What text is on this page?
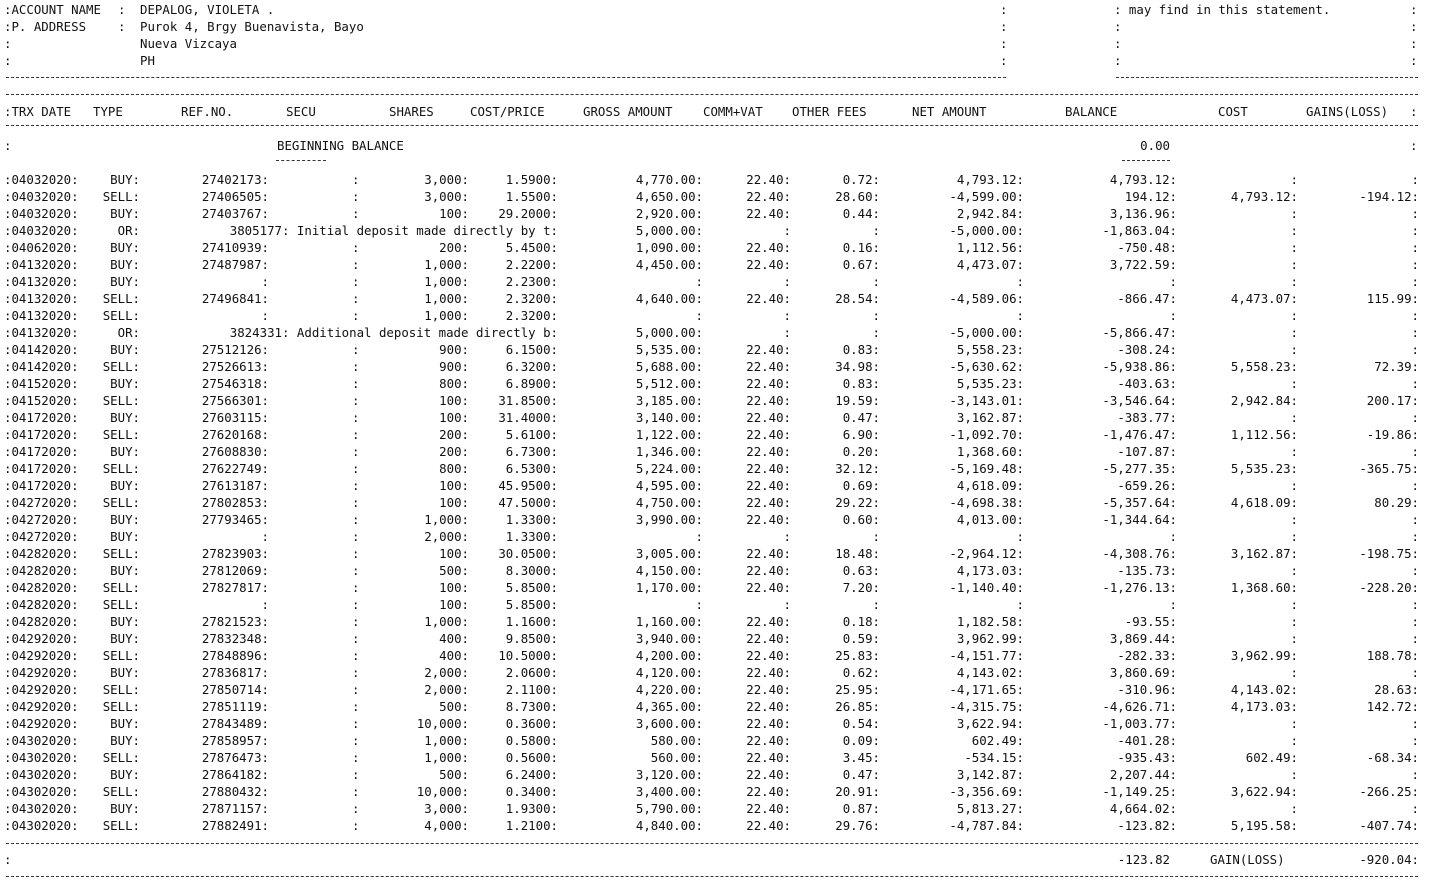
:ACCOUNT NAME : DEPALOG, VIOLETA .
:P. ADDRESS	: Purok 4, Brgy Buenavista, Bayo
:	Nueva Vizcaya
:	PH
:
:
:
:
: may find in this statement.
:
:
:
:
:
:
:
:TRX DATE TYPE	REF.NO.	SECU	SHARES	COST/PRICE	GROSS AMOUNT COMM+VAT OTHER FEES	NET AMOUNT	BALANCE	COST	GAINS(LOSS) :
:	BEGINNING BALANCE	0.00	:
:04032020:	BUY:	27402173:	3,000:	1.5900:	4,770.00:	22.40:	0.72:	4,793.12:	4,793.12:	:	:
:
:04032020: SELL:	27406505:	3,000:	1.5500:	4,650.00:	22.40:	28.60:	-4,599.00:	194.12:	4,793.12:	-194.12:
:
:04032020:	BUY:	27403767:	100: 29.2000:	2,920.00:	22.40:	0.44:	2,942.84:	3,136.96:	:	:
:
:04032020:	OR:	3805177: Initial deposit made directly by t:	5,000.00:	:	:	-5,000.00:	-1,863.04:	:	:
:04062020:	BUY:	27410939:	200:	5.4500:	1,090.00:	22.40:	0.16:	1,112.56:	-750.48:	:	:
:
:04132020:	BUY:	27487987:	1,000:	2.2200:	4,450.00:	22.40:	0.67:	4,473.07:	3,722.59:	:	:
:
:04132020:	BUY:	:	1,000:	2.2300:	:	:	:	:	:	:	:
:
:04132020: SELL:	27496841:	1,000:	2.3200:	4,640.00:	22.40:	28.54:	-4,589.06:	-866.47:	4,473.07:	115.99:
:
:04132020: SELL:	:	1,000:	2.3200:	:	:	:	:	:	:	:
:
:04132020:	OR:	3824331: Additional deposit made directly b:	5,000.00:	:	:	-5,000.00:	-5,866.47:	:	:
:04142020:	BUY:	27512126:	900:	6.1500:	5,535.00:	22.40:	0.83:	5,558.23:	-308.24:	:	:
:
:04142020: SELL:	27526613:	900:	6.3200:	5,688.00:	22.40:	34.98:	-5,630.62:	-5,938.86:	5,558.23:	72.39:
:
:04152020:	BUY:	27546318:	800:	6.8900:	5,512.00:	22.40:	0.83:	5,535.23:	-403.63:	:	:
:
:04152020: SELL:	27566301:	100: 31.8500:	3,185.00:	22.40:	19.59:	-3,143.01:	-3,546.64:	2,942.84:	200.17:
:
:04172020:	BUY:	27603115:	100: 31.4000:	3,140.00:	22.40:	0.47:	3,162.87:	-383.77:	:	:
:
:04172020: SELL:	27620168:	200:	5.6100:	1,122.00:	22.40:	6.90:	-1,092.70:	-1,476.47:	1,112.56:	-19.86:
:
:04172020:	BUY:	27608830:	200:	6.7300:	1,346.00:	22.40:	0.20:	1,368.60:	-107.87:	:	:
:
:04172020: SELL:	27622749:	800:	6.5300:	5,224.00:	22.40:	32.12:	-5,169.48:	-5,277.35:	5,535.23:	-365.75:
:
:04172020:	BUY:	27613187:	100: 45.9500:	4,595.00:	22.40:	0.69:	4,618.09:	-659.26:	:	:
:
:04272020: SELL:	27802853:	100: 47.5000:	4,750.00:	22.40:	29.22:	-4,698.38:	-5,357.64:	4,618.09:	80.29:
:
:04272020:	BUY:	27793465:	1,000:	1.3300:	3,990.00:	22.40:	0.60:	4,013.00:	-1,344.64:	:	:
:
:04272020:	BUY:	:	2,000:	1.3300:	:	:	:	:	:	:	:
:
:04282020: SELL:	27823903:	100: 30.0500:	3,005.00:	22.40:	18.48:	-2,964.12:	-4,308.76:	3,162.87:	-198.75:
:
:04282020:	BUY:	27812069:	500:	8.3000:	4,150.00:	22.40:	0.63:	4,173.03:	-135.73:	:	:
:
:04282020: SELL:	27827817:	100:	5.8500:	1,170.00:	22.40:	7.20:	-1,140.40:	-1,276.13:	1,368.60:	-228.20:
:
:04282020: SELL:	:	100:	5.8500:	:	:	:	:	:	:	:
:
:04282020:	BUY:	27821523:	1,000:	1.1600:	1,160.00:	22.40:	0.18:	1,182.58:	-93.55:	:	:
:
:04292020:	BUY:	27832348:	400:	9.8500:	3,940.00:	22.40:	0.59:	3,962.99:	3,869.44:	:	:
:
:04292020: SELL:	27848896:	400: 10.5000:	4,200.00:	22.40:	25.83:	-4,151.77:	-282.33:	3,962.99:	188.78:
:
:04292020:	BUY:	27836817:	2,000:	2.0600:	4,120.00:	22.40:	0.62:	4,143.02:	3,860.69:	:	:
:
:04292020: SELL:	27850714:	2,000:	2.1100:	4,220.00:	22.40:	25.95:	-4,171.65:	-310.96:	4,143.02:	28.63:
:
:04292020: SELL:	27851119:	500:	8.7300:	4,365.00:	22.40:	26.85:	-4,315.75:	-4,626.71:	4,173.03:	142.72:
:
:04292020:	BUY:	27843489:	10,000:	0.3600:	3,600.00:	22.40:	0.54:	3,622.94:	-1,003.77:	:	:
:
:04302020:	BUY:	27858957:	1,000:	0.5800:	580.00:	22.40:	0.09:	602.49:	-401.28:	:	:
:
:04302020: SELL:	27876473:	1,000:	0.5600:	560.00:	22.40:	3.45:	-534.15:	-935.43:	602.49:	-68.34:
:
:04302020:	BUY:	27864182:	500:	6.2400:	3,120.00:	22.40:	0.47:	3,142.87:	2,207.44:	:	:
:
:04302020: SELL:	27880432:	10,000:	0.3400:	3,400.00:	22.40:	20.91:	-3,356.69:	-1,149.25:	3,622.94:	-266.25:
:
:04302020:	BUY:	27871157:	3,000:	1.9300:	5,790.00:	22.40:	0.87:	5,813.27:	4,664.02:	:	:
:
:04302020: SELL:	27882491:	4,000:	1.2100:	4,840.00:	22.40:	29.76:	-4,787.84:	-123.82:	5,195.58:	-407.74:
:
:	-123.82	GAIN(LOSS)	-920.04:
